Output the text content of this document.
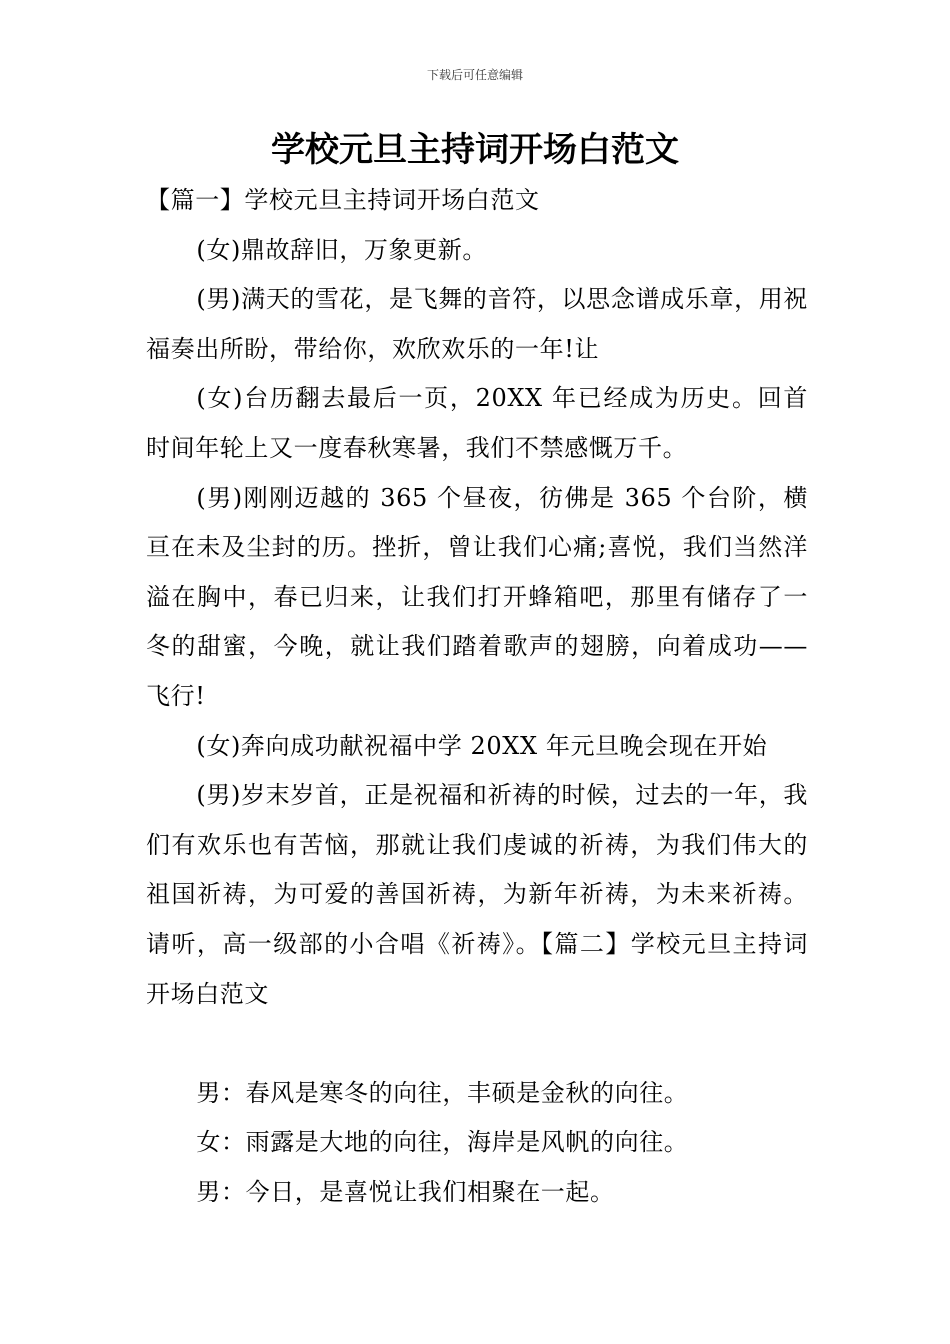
下载后可任意编辑
学校元旦主持词开场白范文

【篇一】学校元旦主持词开场白范文

(女)鼎故辞旧，万象更新。

(男)满天的雪花，是飞舞的音符，以思念谱成乐章，用祝福奏出所盼，带给你，欢欣欢乐的一年!让

(女)台历翻去最后一页，20XX 年已经成为历史。回首时间年轮上又一度春秋寒暑，我们不禁感慨万千。

(男)刚刚迈越的 365 个昼夜，彷佛是 365 个台阶，横亘在未及尘封的历。挫折，曾让我们心痛;喜悦，我们当然洋溢在胸中，春已归来，让我们打开蜂箱吧，那里有储存了一冬的甜蜜，今晚，就让我们踏着歌声的翅膀，向着成功——飞行!

(女)奔向成功献祝福中学 20XX 年元旦晚会现在开始

(男)岁末岁首，正是祝福和祈祷的时候，过去的一年，我们有欢乐也有苦恼，那就让我们虔诚的祈祷，为我们伟大的祖国祈祷，为可爱的善国祈祷，为新年祈祷，为未来祈祷。请听，高一级部的小合唱《祈祷》。【篇二】学校元旦主持词开场白范文

男：春风是寒冬的向往，丰硕是金秋的向往。

女：雨露是大地的向往，海岸是风帆的向往。

男：今日，是喜悦让我们相聚在一起。
